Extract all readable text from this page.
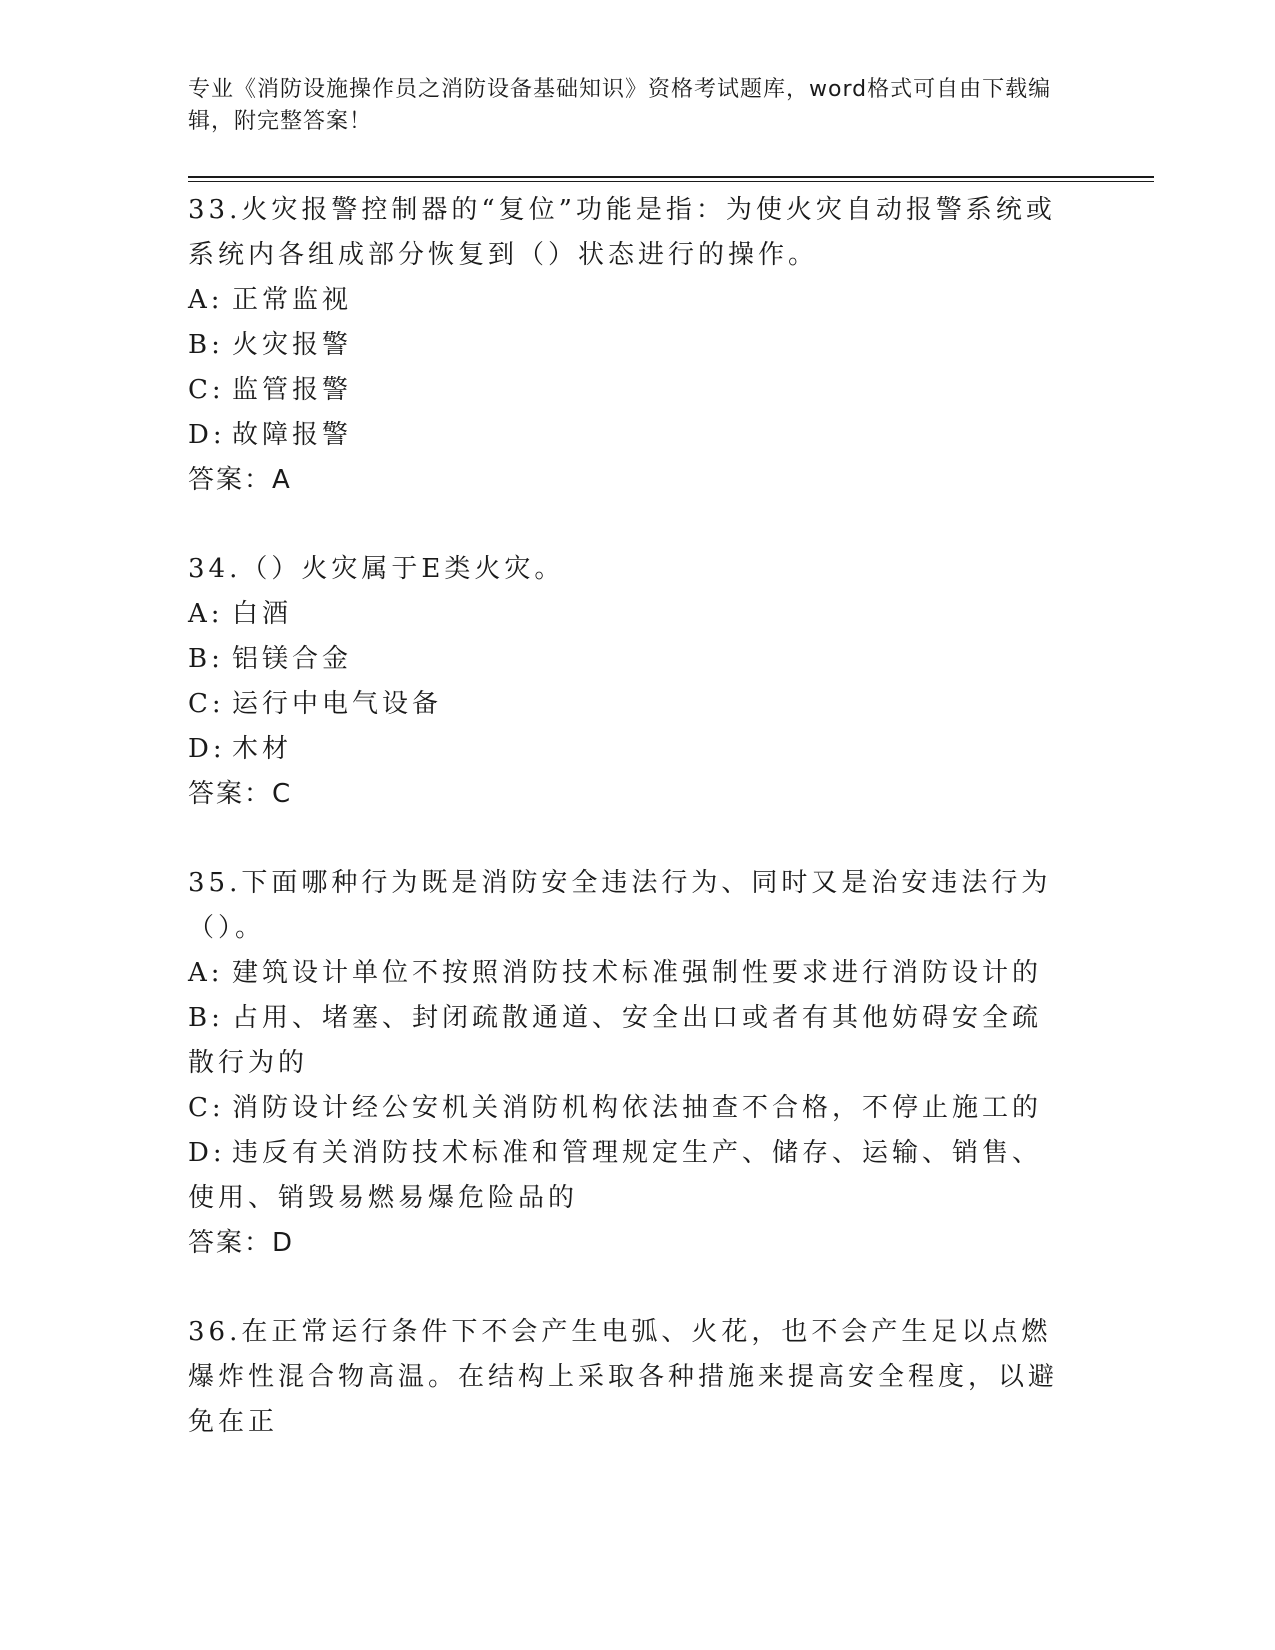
专业《消防设施操作员之消防设备基础知识》资格考试题库，word格式可自由下载编辑，附完整答案！
33.火灾报警控制器的“复位”功能是指：为使火灾自动报警系统或系统内各组成部分恢复到（）状态进行的操作。
A: 正常监视
B: 火灾报警
C: 监管报警
D: 故障报警
答案：A
34.（）火灾属于E类火灾。
A: 白酒
B: 铝镁合金
C: 运行中电气设备
D: 木材
答案：C
35.下面哪种行为既是消防安全违法行为、同时又是治安违法行为（）。
A: 建筑设计单位不按照消防技术标准强制性要求进行消防设计的
B: 占用、堵塞、封闭疏散通道、安全出口或者有其他妨碍安全疏散行为的
C: 消防设计经公安机关消防机构依法抽查不合格，不停止施工的
D: 违反有关消防技术标准和管理规定生产、储存、运输、销售、使用、销毁易燃易爆危险品的
答案：D
36.在正常运行条件下不会产生电弧、火花，也不会产生足以点燃爆炸性混合物高温。在结构上采取各种措施来提高安全程度，以避免在正
